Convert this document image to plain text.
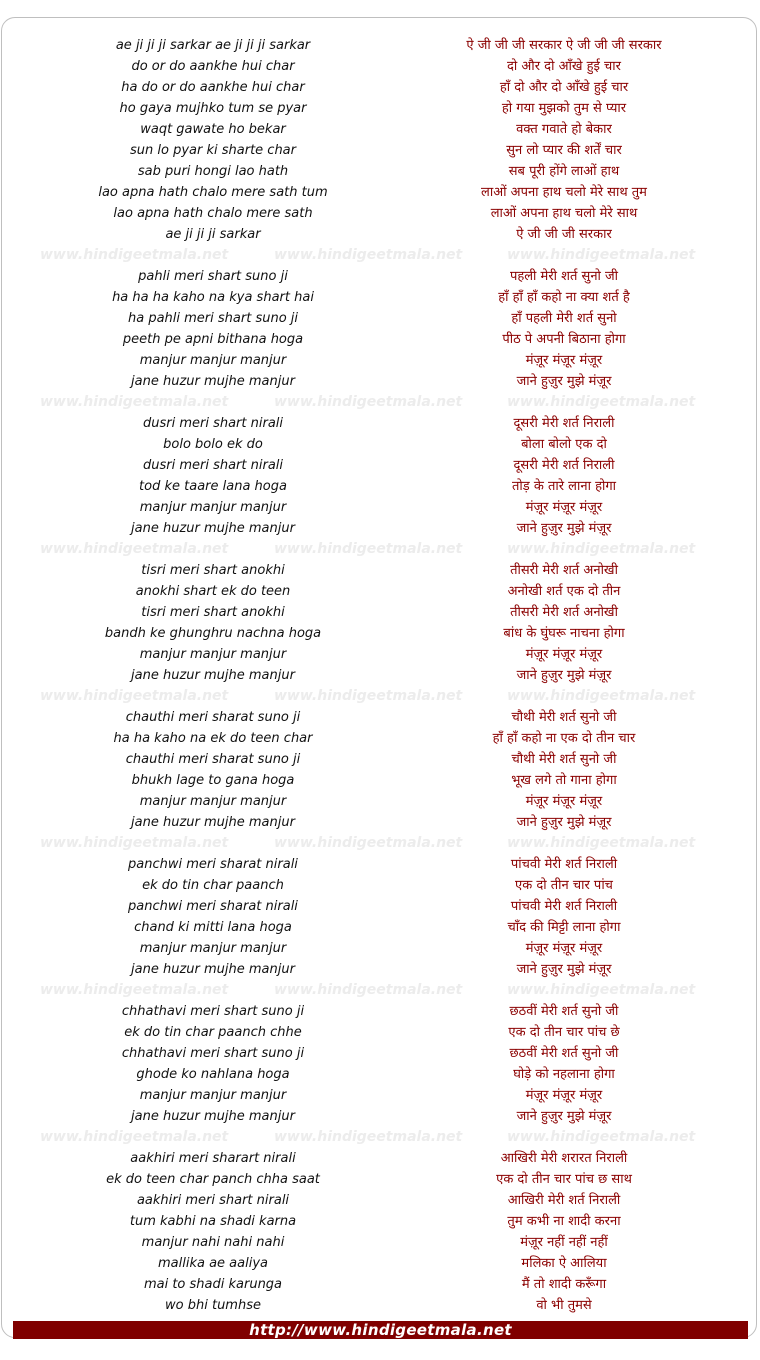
ae ji ji ji sarkar ae ji ji ji sarkar	ऐ जी जी जी सरकार ऐ जी जी जी सरकार
do or do aankhe hui char	दो और दो आँखे हुई चार
ha do or do aankhe hui char	हाँ दो और दो आँखे हुई चार
ho gaya mujhko tum se pyar	हो गया मुझको तुम से प्यार
waqt gawate ho bekar	वक्त गवाते हो बेकार
sun lo pyar ki sharte char	सुन लो प्यार की शर्तें चार
sab puri hongi lao hath	सब पूरी होंगे लाओं हाथ
lao apna hath chalo mere sath tum	लाओं अपना हाथ चलो मेरे साथ तुम
lao apna hath chalo mere sath	लाओं अपना हाथ चलो मेरे साथ
ae ji ji ji sarkar	ऐ जी जी जी सरकार
www.hindigeetmala.net	www.hindigeetmala.net	www.hindigeetmala.net
pahli meri shart suno ji	पहली मेरी शर्त सुनो जी
ha ha ha kaho na kya shart hai	हाँ हाँ हाँ कहो ना क्या शर्त है
ha pahli meri shart suno ji	हाँ पहली मेरी शर्त सुनो
peeth pe apni bithana hoga	पीठ पे अपनी बिठाना होगा
manjur manjur manjur	मंज़ूर मंज़ूर मंज़ूर
jane huzur mujhe manjur	जाने हुज़ुर मुझे मंज़ूर
www.hindigeetmala.net	www.hindigeetmala.net	www.hindigeetmala.net
dusri meri shart nirali	दूसरी मेरी शर्त निराली
bolo bolo ek do	बोला बोलो एक दो
dusri meri shart nirali	दूसरी मेरी शर्त निराली
tod ke taare lana hoga	तोड़ के तारे लाना होगा
manjur manjur manjur	मंज़ूर मंज़ूर मंज़ूर
jane huzur mujhe manjur	जाने हुज़ुर मुझे मंज़ूर
www.hindigeetmala.net	www.hindigeetmala.net	www.hindigeetmala.net
tisri meri shart anokhi	तीसरी मेरी शर्त अनोखी
anokhi shart ek do teen	अनोखी शर्त एक दो तीन
tisri meri shart anokhi	तीसरी मेरी शर्त अनोखी
bandh ke ghunghru nachna hoga	बांध के घुंघरू नाचना होगा
manjur manjur manjur	मंज़ूर मंज़ूर मंज़ूर
jane huzur mujhe manjur	जाने हुज़ुर मुझे मंज़ूर
www.hindigeetmala.net	www.hindigeetmala.net	www.hindigeetmala.net
chauthi meri sharat suno ji	चौथी मेरी शर्त सुनो जी
ha ha kaho na ek do teen char	हाँ हाँ कहो ना एक दो तीन चार
chauthi meri sharat suno ji	चौथी मेरी शर्त सुनो जी
bhukh lage to gana hoga	भूख लगे तो गाना होगा
manjur manjur manjur	मंज़ूर मंज़ूर मंज़ूर
jane huzur mujhe manjur	जाने हुज़ुर मुझे मंज़ूर
www.hindigeetmala.net	www.hindigeetmala.net	www.hindigeetmala.net
panchwi meri sharat nirali	पांचवी मेरी शर्त निराली
ek do tin char paanch	एक दो तीन चार पांच
panchwi meri sharat nirali	पांचवी मेरी शर्त निराली
chand ki mitti lana hoga	चाँद की मिट्टी लाना होगा
manjur manjur manjur	मंज़ूर मंज़ूर मंज़ूर
jane huzur mujhe manjur	जाने हुज़ुर मुझे मंज़ूर
www.hindigeetmala.net	www.hindigeetmala.net	www.hindigeetmala.net
chhathavi meri shart suno ji	छठवीं मेरी शर्त सुनो जी
ek do tin char paanch chhe	एक दो तीन चार पांच छे
chhathavi meri shart suno ji	छठवीं मेरी शर्त सुनो जी
ghode ko nahlana hoga	घोड़े को नहलाना होगा
manjur manjur manjur	मंज़ूर मंज़ूर मंज़ूर
jane huzur mujhe manjur	जाने हुज़ुर मुझे मंज़ूर
www.hindigeetmala.net	www.hindigeetmala.net	www.hindigeetmala.net
aakhiri meri sharart nirali	आखिरी मेरी शरारत निराली
ek do teen char panch chha saat	एक दो तीन चार पांच छ साथ
aakhiri meri shart nirali	आखिरी मेरी शर्त निराली
tum kabhi na shadi karna	तुम कभी ना शादी करना
manjur nahi nahi nahi	मंज़ूर नहीं नहीं नहीं
mallika ae aaliya	मलिका ऐ आलिया
mai to shadi karunga	मैं तो शादी करूँगा
wo bhi tumhse	वो भी तुमसे
http://www.hindigeetmala.net
